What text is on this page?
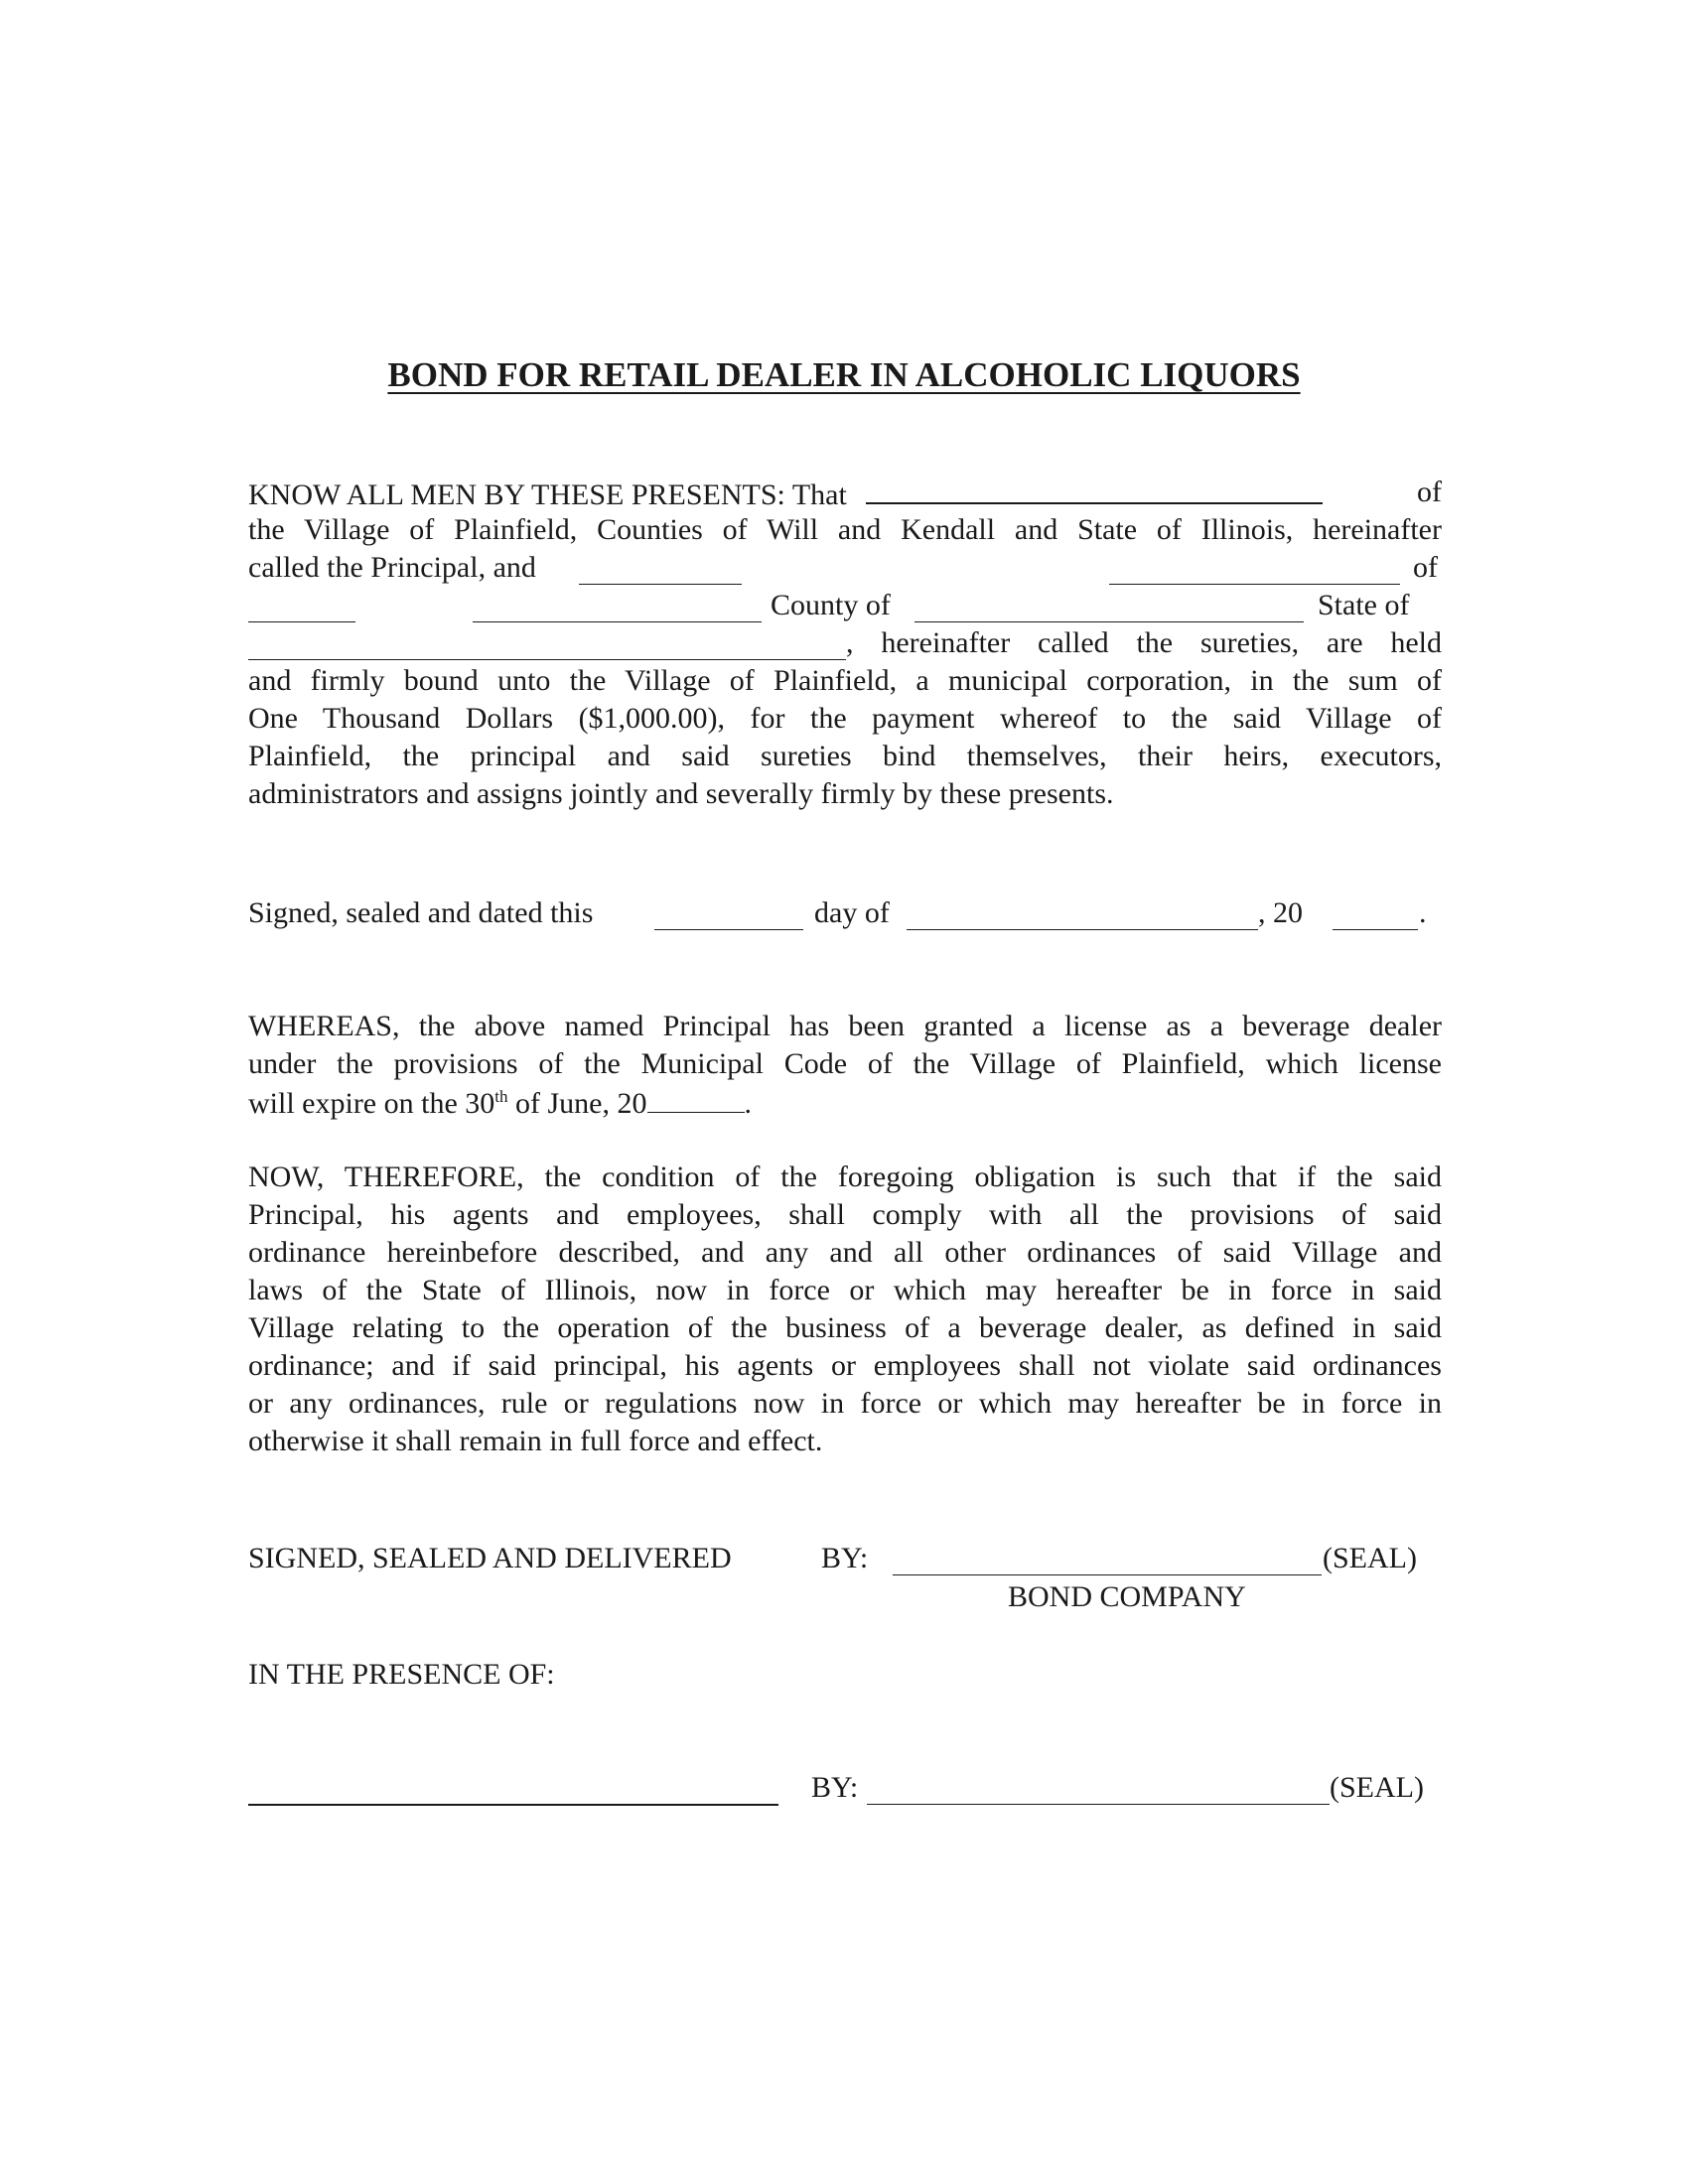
BOND FOR RETAIL DEALER IN ALCOHOLIC LIQUORS
KNOW ALL MEN BY THESE PRESENTS: That	of
the Village of Plainfield, Counties of Will and Kendall and State of Illinois, hereinafter
called the Principal, and	of
County of	State of
, hereinafter called the sureties, are held
and firmly bound unto the Village of Plainfield, a municipal corporation, in the sum of
One Thousand Dollars ($1,000.00), for the payment whereof to the said Village of
Plainfield, the principal and said sureties bind themselves, their heirs, executors,
administrators and assigns jointly and severally firmly by these presents.
Signed, sealed and dated this	day of	, 20	.
WHEREAS, the above named Principal has been granted a license as a beverage dealer
under the provisions of the Municipal Code of the Village of Plainfield, which license
will expire on the 30th of June, 20	.
NOW, THEREFORE, the condition of the foregoing obligation is such that if the said
Principal, his agents and employees, shall comply with all the provisions of said
ordinance hereinbefore described, and any and all other ordinances of said Village and
laws of the State of Illinois, now in force or which may hereafter be in force in said
Village relating to the operation of the business of a beverage dealer, as defined in said
ordinance; and if said principal, his agents or employees shall not violate said ordinances
or any ordinances, rule or regulations now in force or which may hereafter be in force in
otherwise it shall remain in full force and effect.
SIGNED, SEALED AND DELIVERED	BY:	(SEAL)
BOND COMPANY
IN THE PRESENCE OF:
BY:	(SEAL)
